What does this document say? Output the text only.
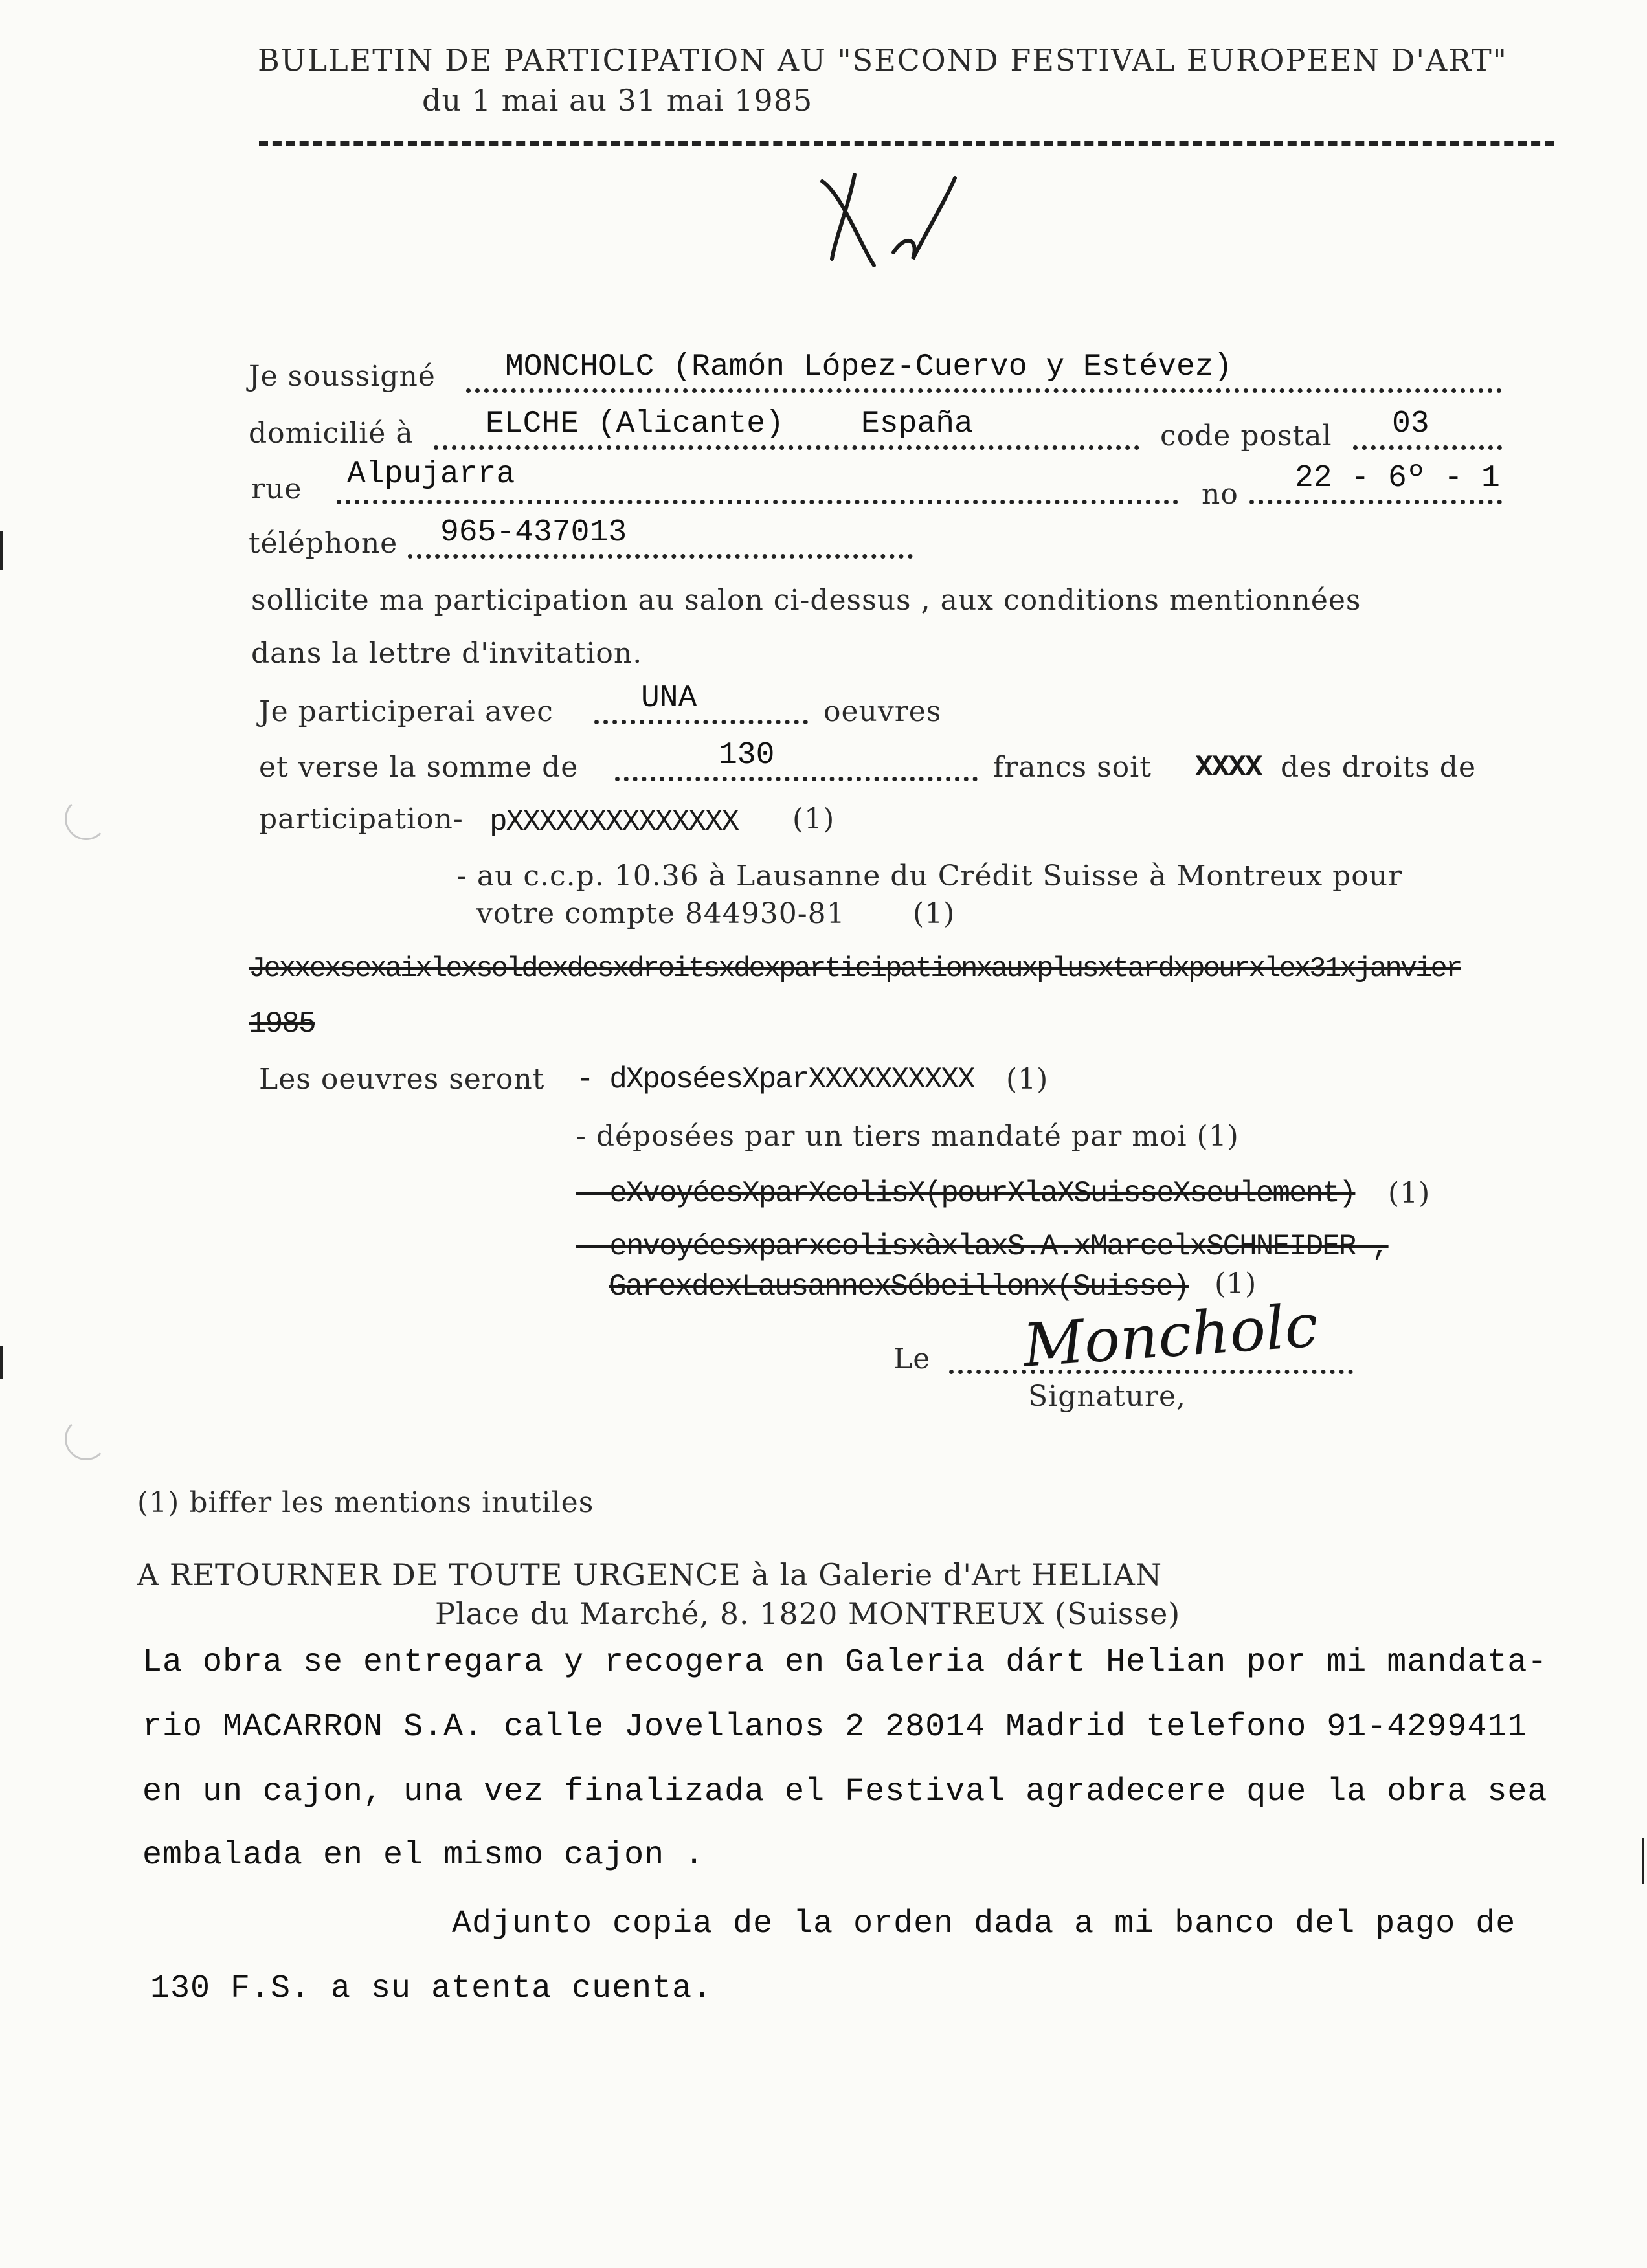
BULLETIN DE PARTICIPATION AU "SECOND FESTIVAL EUROPEEN D'ART"
du 1 mai au 31 mai 1985
Je soussigné MONCHOLC (Ramón López-Cuervo y Estévez)
domicilié à ELCHE (Alicante) España	code postal 03
rue Alpujarra
no 22 - 6º - 1
téléphone 965-437013
sollicite ma participation au salon ci-dessus , aux conditions mentionnées
dans la lettre d'invitation.
Je participerai avec	UNA	oeuvres
et verse la somme de	130	francs soit XXXX des droits de
participation- pXXXXXXXXXXXXXX (1)
- au c.c.p. 10.36 à Lausanne du Crédit Suisse à Montreux pour
votre compte 844930-81 (1)
Jexxexsexaixlexsoldexdesxdroitsxdexparticipationxauxplusxtardxpourxlex31xjanvier
1985
Les oeuvres seront - dXposéesXparXXXXXXXXXX (1)
- déposées par un tiers mandaté par moi (1)
- eXvoyéesXparXcolisX(pourXlaXSuisseXseulement) (1)
- envoyéesxparxcolisxàxlaxS.A.xMarcelxSCHNEIDER ,
GarexdexLausannexSébeillonx(Suisse) (1)
Le Moncholc
Signature,
(1) biffer les mentions inutiles
A RETOURNER DE TOUTE URGENCE à la Galerie d'Art HELIAN
Place du Marché, 8. 1820 MONTREUX (Suisse)
La obra se entregara y recogera en Galeria dárt Helian por mi mandata-
rio MACARRON S.A. calle Jovellanos 2 28014 Madrid telefono 91-4299411
en un cajon, una vez finalizada el Festival agradecere que la obra sea
embalada en el mismo cajon .
Adjunto copia de la orden dada a mi banco del pago de
130 F.S. a su atenta cuenta.
